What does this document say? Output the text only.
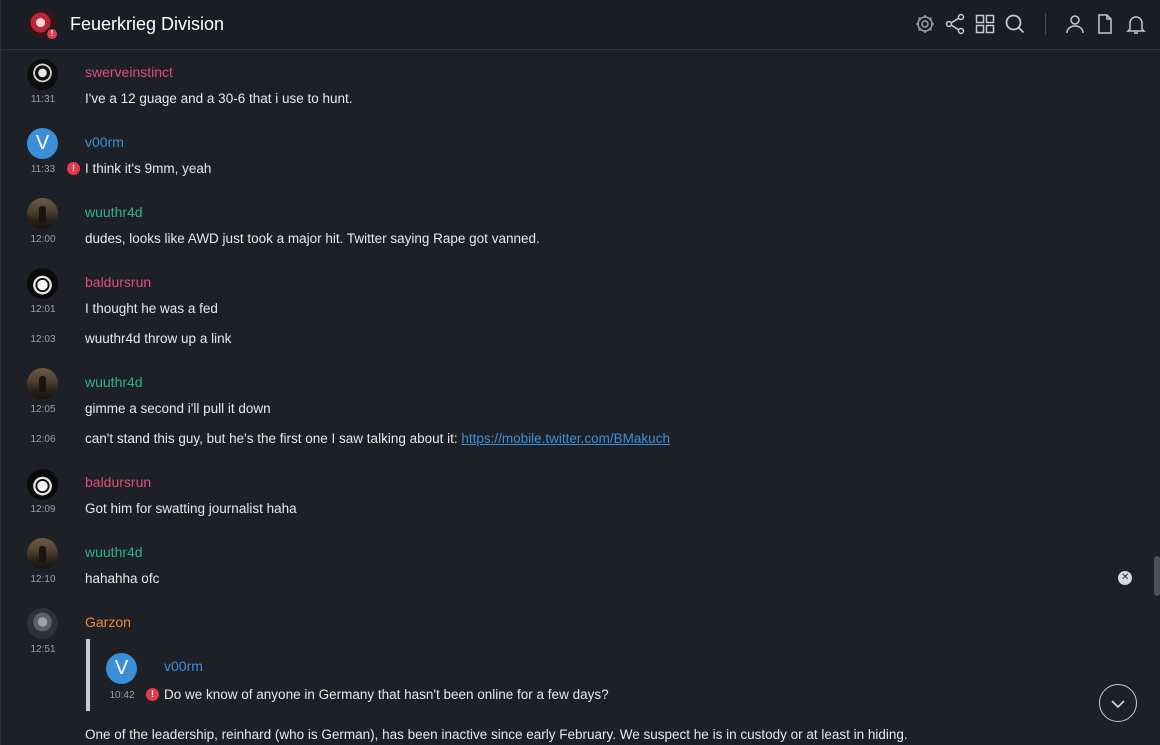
! Feuerkrieg Division
swerveinstinct
11:31 I've a 12 guage and a 30-6 that i use to hunt.
V	v00rm
11:33	! I think it's 9mm, yeah
wuuthr4d
12:00 dudes, looks like AWD just took a major hit. Twitter saying Rape got vanned.
baldursrun
12:01 I thought he was a fed
12:03 wuuthr4d throw up a link
wuuthr4d
12:05 gimme a second i'll pull it down
12:06 can't stand this guy, but he's the first one I saw talking about it: https://mobile.twitter.com/BMakuch
baldursrun
12:09 Got him for swatting journalist haha
wuuthr4d
12:10 hahahha ofc
Garzon
12:51
V	v00rm
10:42	! Do we know of anyone in Germany that hasn't been online for a few days?
One of the leadership, reinhard (who is German), has been inactive since early February. We suspect he is in custody or at least in hiding.
✕
